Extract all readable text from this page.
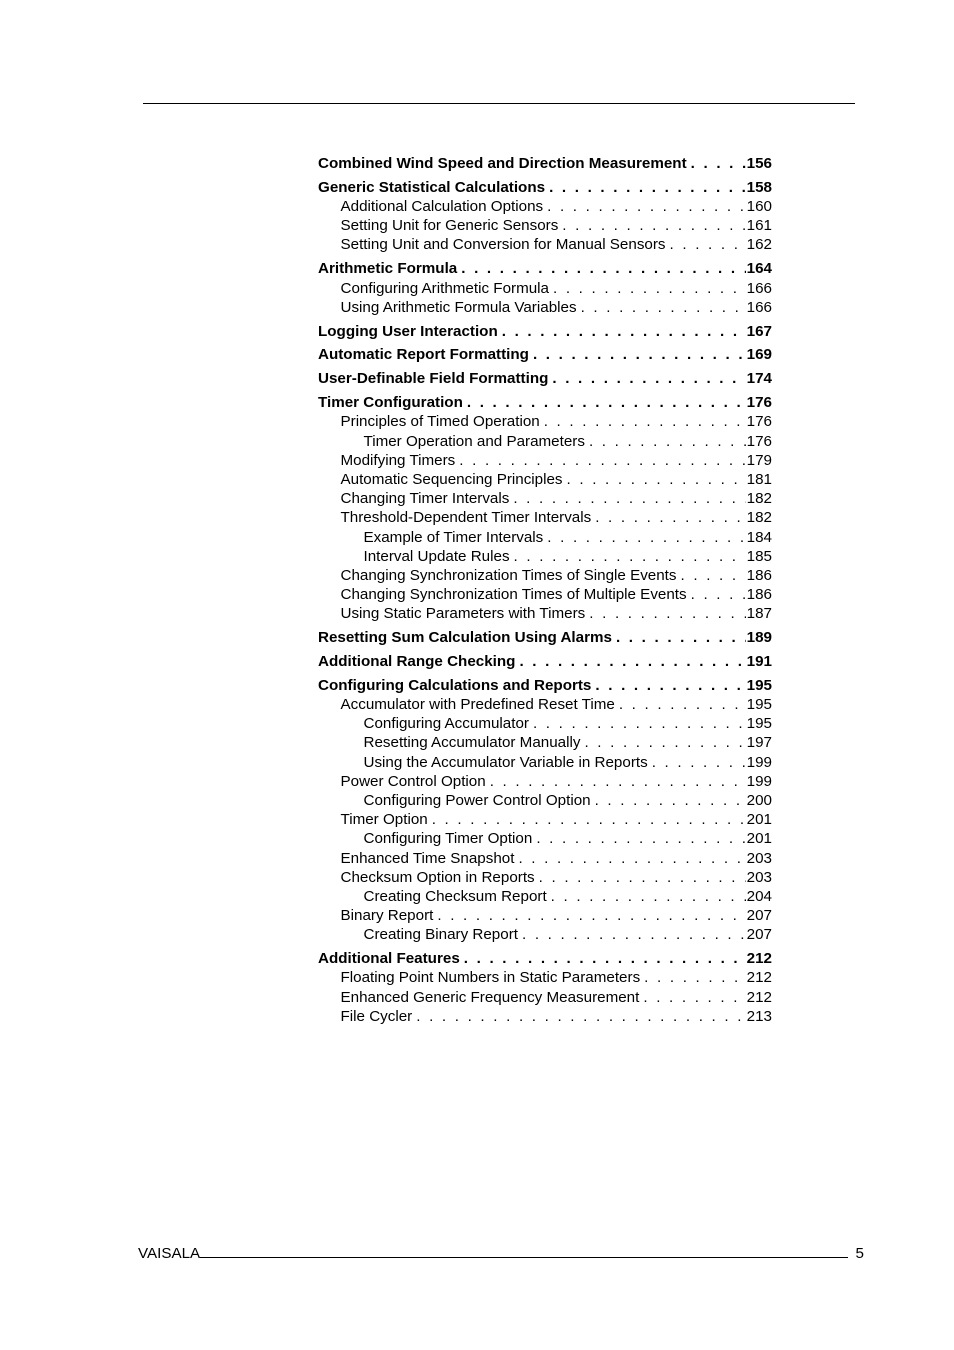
Combined Wind Speed and Direction Measurement . . .	156
Generic Statistical Calculations . . .	158
Additional Calculation Options . . .	160
Setting Unit for Generic Sensors . . .	161
Setting Unit and Conversion for Manual Sensors . . .	162
Arithmetic Formula . . .	164
Configuring Arithmetic Formula . . .	166
Using Arithmetic Formula Variables . . .	166
Logging User Interaction . . .	167
Automatic Report Formatting . . .	169
User-Definable Field Formatting . . .	174
Timer Configuration . . .	176
Principles of Timed Operation . . .	176
Timer Operation and Parameters . . .	176
Modifying Timers . . .	179
Automatic Sequencing Principles . . .	181
Changing Timer Intervals . . .	182
Threshold-Dependent Timer Intervals . . .	182
Example of Timer Intervals . . .	184
Interval Update Rules . . .	185
Changing Synchronization Times of Single Events . . .	186
Changing Synchronization Times of Multiple Events . . .	186
Using Static Parameters with Timers . . .	187
Resetting Sum Calculation Using Alarms . . .	189
Additional Range Checking . . .	191
Configuring Calculations and Reports . . .	195
Accumulator with Predefined Reset Time . . .	195
Configuring Accumulator . . .	195
Resetting Accumulator Manually . . .	197
Using the Accumulator Variable in Reports . . .	199
Power Control Option . . .	199
Configuring Power Control Option . . .	200
Timer Option . . .	201
Configuring Timer Option . . .	201
Enhanced Time Snapshot . . .	203
Checksum Option in Reports . . .	203
Creating Checksum Report . . .	204
Binary Report . . .	207
Creating Binary Report . . .	207
Additional Features . . .	212
Floating Point Numbers in Static Parameters . . .	212
Enhanced Generic Frequency Measurement . . .	212
File Cycler . . .	213
VAISALA	5
